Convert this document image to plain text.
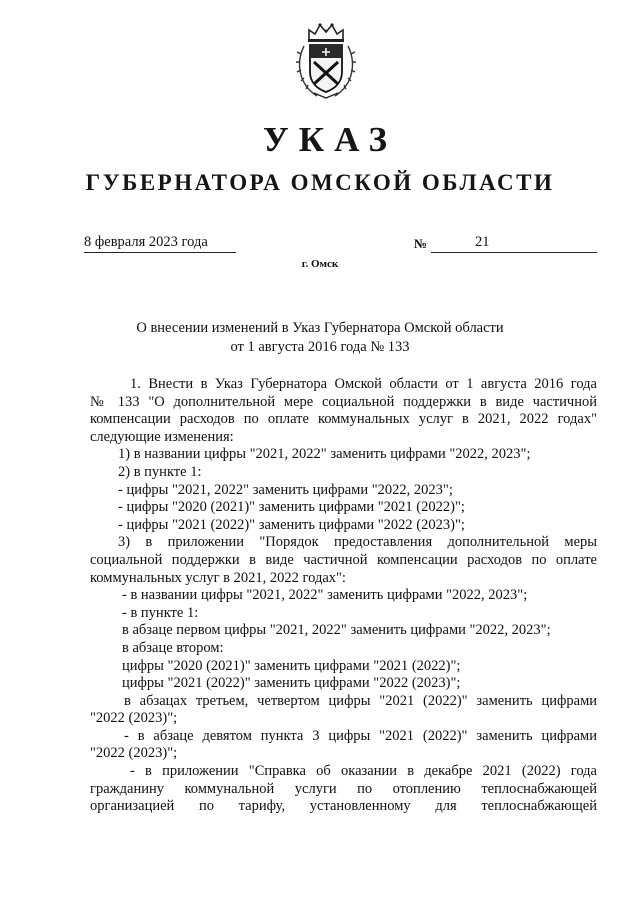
УКАЗ
ГУБЕРНАТОРА ОМСКОЙ ОБЛАСТИ
8 февраля 2023 года	№	21
г. Омск
О внесении изменений в Указ Губернатора Омской области
от 1 августа 2016 года № 133
1. Внести в Указ Губернатора Омской области от 1 августа 2016 года
№ 133 "О дополнительной мере социальной поддержки в виде частичной
компенсации расходов по оплате коммунальных услуг в 2021, 2022 годах"
следующие изменения:
1) в названии цифры "2021, 2022" заменить цифрами "2022, 2023";
2) в пункте 1:
- цифры "2021, 2022" заменить цифрами "2022, 2023";
- цифры "2020 (2021)" заменить цифрами "2021 (2022)";
- цифры "2021 (2022)" заменить цифрами "2022 (2023)";
3) в приложении "Порядок предоставления дополнительной меры
социальной поддержки в виде частичной компенсации расходов по оплате
коммунальных услуг в 2021, 2022 годах":
- в названии цифры "2021, 2022" заменить цифрами "2022, 2023";
- в пункте 1:
в абзаце первом цифры "2021, 2022" заменить цифрами "2022, 2023";
в абзаце втором:
цифры "2020 (2021)" заменить цифрами "2021 (2022)";
цифры "2021 (2022)" заменить цифрами "2022 (2023)";
в абзацах третьем, четвертом цифры "2021 (2022)" заменить цифрами
"2022 (2023)";
- в абзаце девятом пункта 3 цифры "2021 (2022)" заменить цифрами
"2022 (2023)";
- в приложении "Справка об оказании в декабре 2021 (2022) года
гражданину коммунальной услуги по отоплению теплоснабжающей
организацией по тарифу, установленному для теплоснабжающей
